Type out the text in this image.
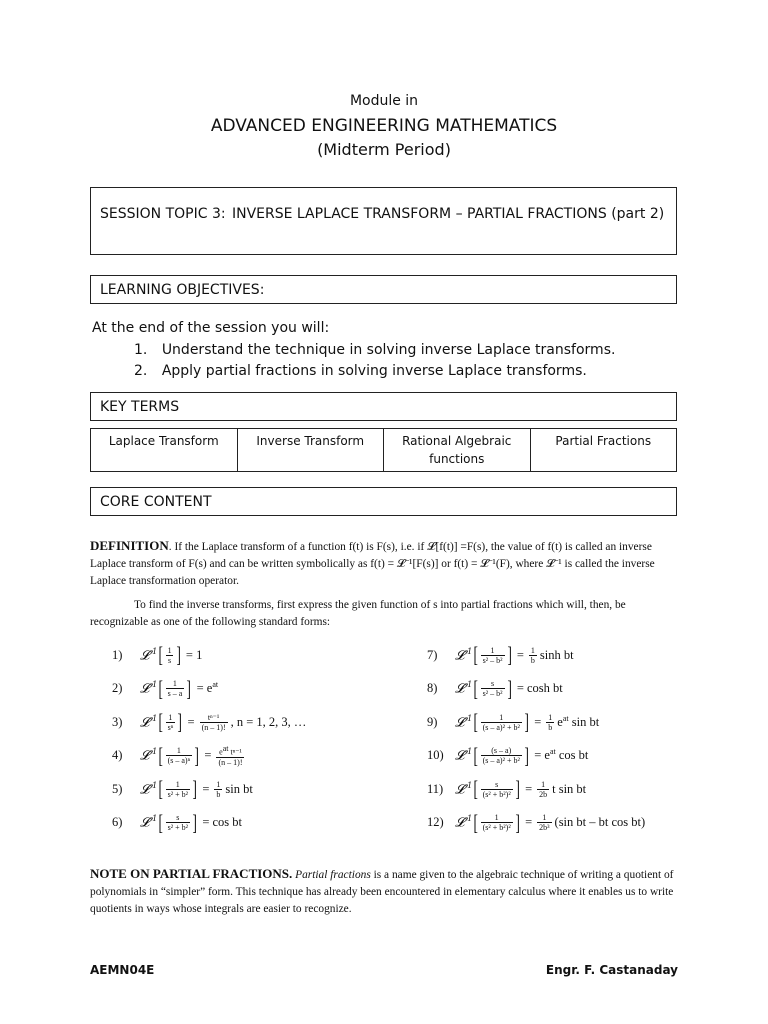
Module in
ADVANCED ENGINEERING MATHEMATICS
(Midterm Period)
SESSION TOPIC 3: INVERSE LAPLACE TRANSFORM – PARTIAL FRACTIONS (part 2)
LEARNING OBJECTIVES:
At the end of the session you will:
1. Understand the technique in solving inverse Laplace transforms.
2. Apply partial fractions in solving inverse Laplace transforms.
KEY TERMS
Laplace Transform	Inverse Transform	Rational Algebraic functions	Partial Fractions
CORE CONTENT
DEFINITION. If the Laplace transform of a function f(t) is F(s), i.e. if 𝓛[f(t)] =F(s), the value of f(t) is called an inverse Laplace transform of F(s) and can be written symbolically as f(t) = 𝓛⁻¹[F(s)] or f(t) = 𝓛⁻¹(F), where 𝓛⁻¹ is called the inverse Laplace transformation operator.
To find the inverse transforms, first express the given function of s into partial fractions which will, then, be recognizable as one of the following standard forms:
1)	𝓛$^{-1}$ [ $\frac{1}{s}$ ] = 1
2)	𝓛$^{-1}$ [ $\frac{1}{s - a}$ ] = $e^{at}$
3)	𝓛$^{-1}$ [ $\frac{1}{\text{sⁿ}}$ ] = $\frac{\text{tⁿ⁻¹}}{(n - 1)!}$ , n = 1, 2, 3, …
4)	𝓛$^{-1}$ [ $\frac{1}{\text{(s – a)ⁿ}}$ ] = $\frac{e^{at} t^{n-1}}{(n - 1)!}$
5)	𝓛$^{-1}$ [ $\frac{1}{\text{s² + b²}}$ ] = $\frac{1}{b}$ sin bt
6)	𝓛$^{-1}$ [ $\frac{s}{\text{s² + b²}}$ ] = cos bt
7)	𝓛$^{-1}$ [ $\frac{1}{\text{s² – b²}}$ ] = $\frac{1}{b}$ sinh bt
8)	𝓛$^{-1}$ [ $\frac{s}{\text{s² – b²}}$ ] = cosh bt
9)	𝓛$^{-1}$ [ $\frac{1}{\text{(s – a)² + b²}}$ ] = $\frac{1}{b} e^{at}$ sin bt
10) 𝓛$^{-1}$ [ $\frac{(s - a)}{\text{(s – a)² + b²}}$ ] = $e^{at}$ cos bt
11) 𝓛$^{-1}$ [ $\frac{s}{\text{(s² + b²)²}}$ ] = $\frac{1}{2b}$ t sin bt
12) 𝓛$^{-1}$ [ $\frac{1}{\text{(s² + b²)²}}$ ] = $\frac{1}{\text{2b³}} (\sin$ bt – bt cos bt)
NOTE ON PARTIAL FRACTIONS. Partial fractions is a name given to the algebraic technique of writing a quotient of polynomials in “simpler” form. This technique has already been encountered in elementary calculus where it enables us to write quotients in ways whose integrals are easier to recognize.
AEMN04E	Engr. F. Castanaday
